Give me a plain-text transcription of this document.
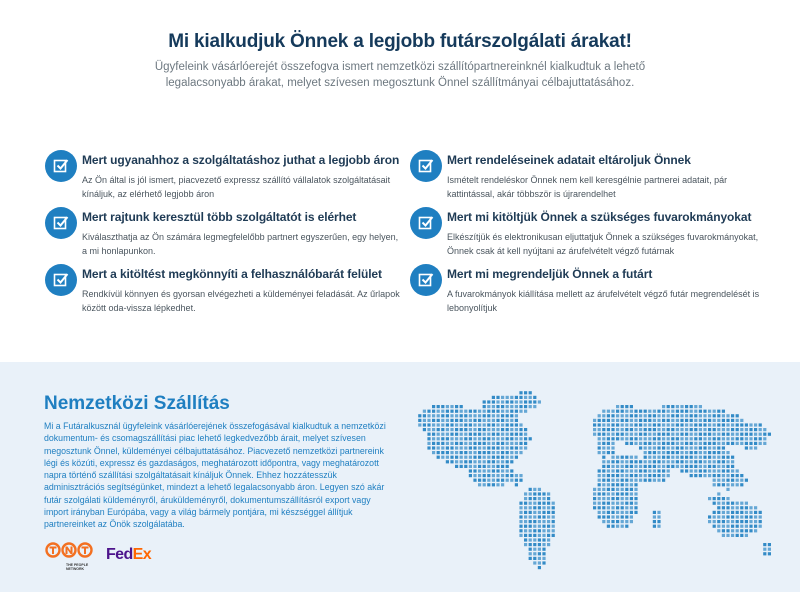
Mi kialkudjuk Önnek a legjobb futárszolgálati árakat!

Ügyfeleink vásárlóerejét összefogva ismert nemzetközi szállítópartnereinknél kialkudtuk a lehető legalacsonyabb árakat, melyet szívesen megosztunk Önnel szállítmányai célbajuttatásához.

Mert ugyanahhoz a szolgáltatáshoz juthat a legjobb áron
Az Ön által is jól ismert, piacvezető expressz szállító vállalatok szolgáltatásait kínáljuk, az elérhető legjobb áron
Mert rajtunk keresztül több szolgáltatót is elérhet
Kiválaszthatja az Ön számára legmegfelelőbb partnert egyszerűen, egy helyen, a mi honlapunkon.
Mert a kitöltést megkönnyíti a felhasználóbarát felület
Rendkívül könnyen és gyorsan elvégezheti a küldeményei feladását. Az űrlapok között oda-vissza lépkedhet.
Mert rendeléseinek adatait eltároljuk Önnek
Ismételt rendeléskor Önnek nem kell keresgélnie partnerei adatait, pár kattintással, akár többször is újrarendelhet
Mert mi kitöltjük Önnek a szükséges fuvarokmányokat
Elkészítjük és elektronikusan eljuttatjuk Önnek a szükséges fuvarokmányokat, Önnek csak át kell nyújtani az árufelvételt végző futárnak
Mert mi megrendeljük Önnek a futárt
A fuvarokmányok kiállítása mellett az árufelvételt végző futár megrendelését is lebonyolítjuk
Nemzetközi Szállítás

Mi a Futáralkusznál ügyfeleink vásárlóerejének összefogásával kialkudtuk a nemzetközi dokumentum- és csomagszállítási piac lehető legkedvezőbb árait, melyet szívesen megosztunk Önnel, küldeményei célbajuttatásához. Piacvezető nemzetközi partnereink légi és közúti, expressz és gazdaságos, meghatározott időpontra, vagy meghatározott napra történő szállítási szolgáltatásait kínáljuk Önnek. Ehhez hozzátesszük adminisztrációs segítségünket, mindezt a lehető legalacsonyabb áron. Legyen szó akár futár szolgálati küldeményről, áruküldeményről, dokumentumszállításról export vagy import irányban Európába, vagy a világ bármely pontjára, mi készséggel állítjuk partnereinket az Önök szolgálatába.

THE PEOPLE
NETWORK
FedEx
